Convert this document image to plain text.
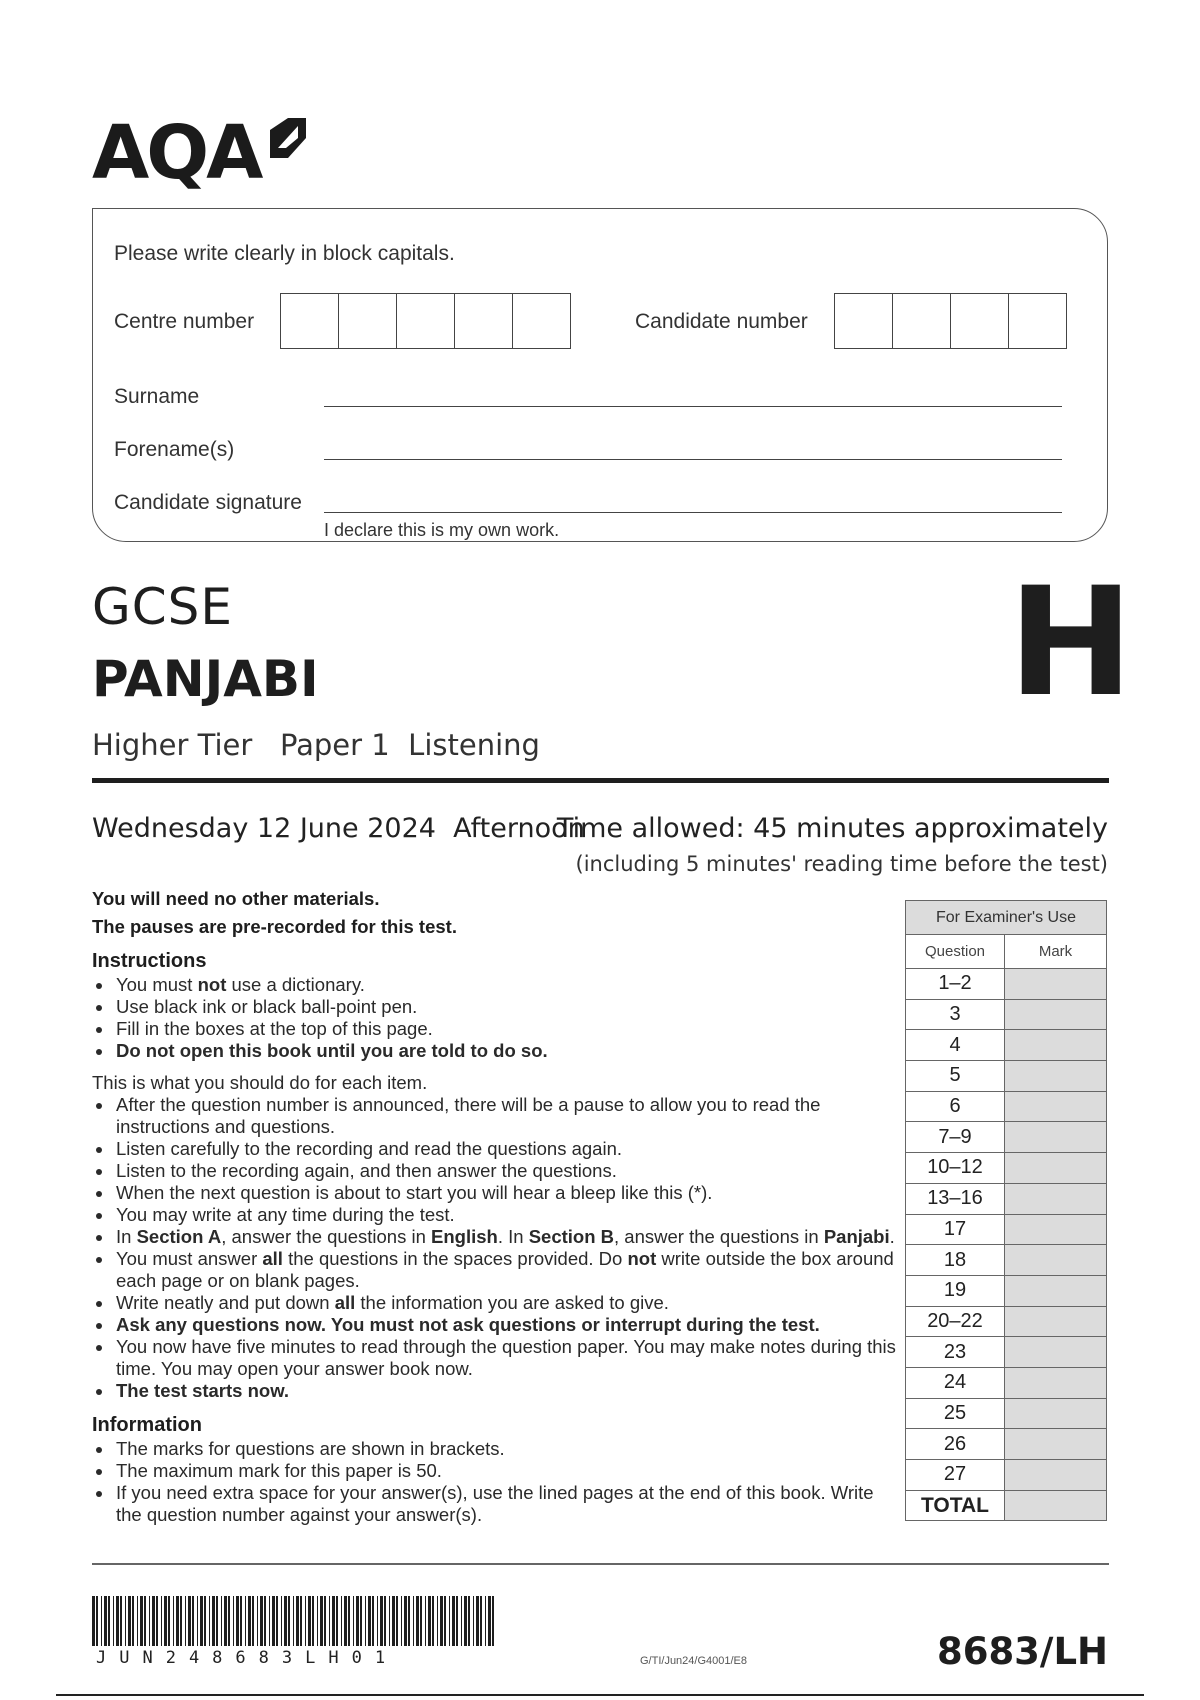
AQA
Please write clearly in block capitals.
Centre number	Candidate number
Surname
Forename(s)
Candidate signature
I declare this is my own work.
GCSE
PANJABI	H
Higher Tier Paper 1  Listening
Wednesday 12 June 2024 Afternoon
Time allowed: 45 minutes approximately
(including 5 minutes' reading time before the test)

You will need no other materials.

The pauses are pre-recorded for this test.

Instructions
• You must not use a dictionary.
• Use black ink or black ball-point pen.
• Fill in the boxes at the top of this page.
• Do not open this book until you are told to do so.

This is what you should do for each item.

• After the question number is announced, there will be a pause to allow you to read the instructions and questions.
• Listen carefully to the recording and read the questions again.
• Listen to the recording again, and then answer the questions.
• When the next question is about to start you will hear a bleep like this (*).
• You may write at any time during the test.
• In Section A, answer the questions in English. In Section B, answer the questions in Panjabi.
• You must answer all the questions in the spaces provided. Do not write outside the box around each page or on blank pages.
• Write neatly and put down all the information you are asked to give.
• Ask any questions now. You must not ask questions or interrupt during the test.
• You now have five minutes to read through the question paper. You may make notes during this time. You may open your answer book now.
• The test starts now.
Information
• The marks for questions are shown in brackets.
• The maximum mark for this paper is 50.
• If you need extra space for your answer(s), use the lined pages at the end of this book. Write the question number against your answer(s).
For Examiner's Use	
Question	Mark
1–2	
3	
4	
5	
6	
7–9	
10–12	
13–16	
17	
18	
19	
20–22	
23	
24	
25	
26	
27	
TOTAL	
JUN248683LH01	G/TI/Jun24/G4001/E8	8683/LH
